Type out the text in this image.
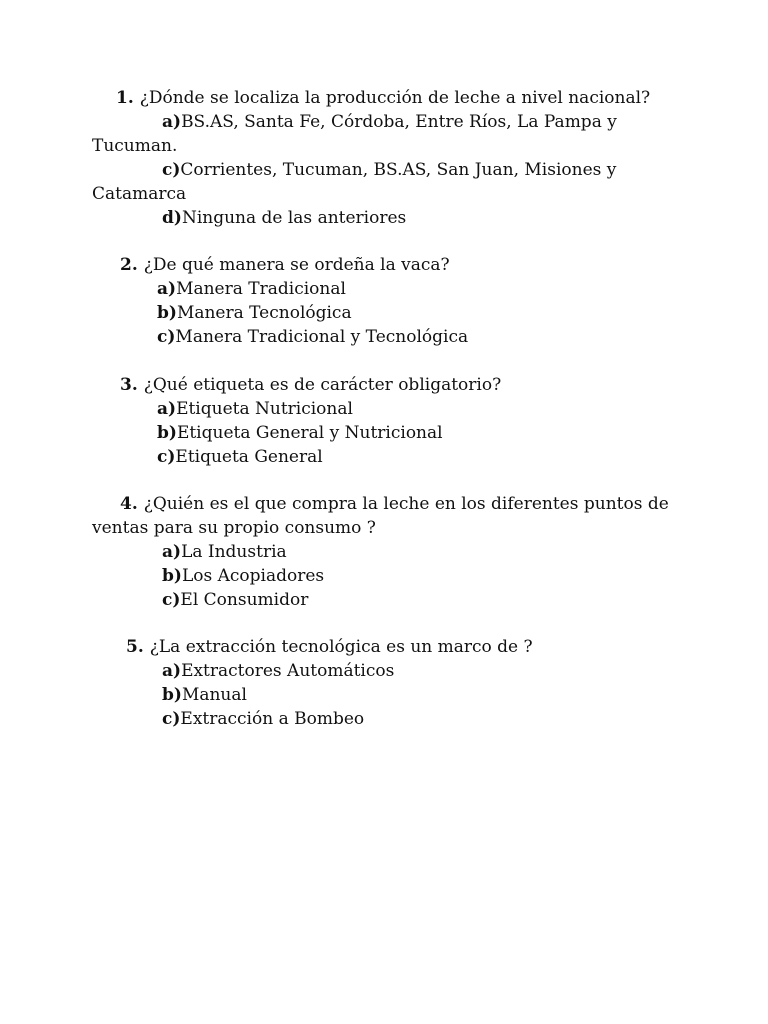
1. ¿Dónde se localiza la producción de leche a nivel nacional?
a)BS.AS, Santa Fe, Córdoba, Entre Ríos, La Pampa y
Tucuman.
c)Corrientes, Tucuman, BS.AS, San Juan, Misiones y
Catamarca
d)Ninguna de las anteriores
2. ¿De qué manera se ordeña la vaca?
a)Manera Tradicional
b)Manera Tecnológica
c)Manera Tradicional y Tecnológica
3. ¿Qué etiqueta es de carácter obligatorio?
a)Etiqueta Nutricional
b)Etiqueta General y Nutricional
c)Etiqueta General
4. ¿Quién es el que compra la leche en los diferentes puntos de
ventas para su propio consumo ?
a)La Industria
b)Los Acopiadores
c)El Consumidor
5. ¿La extracción tecnológica es un marco de ?
a)Extractores Automáticos
b)Manual
c)Extracción a Bombeo
